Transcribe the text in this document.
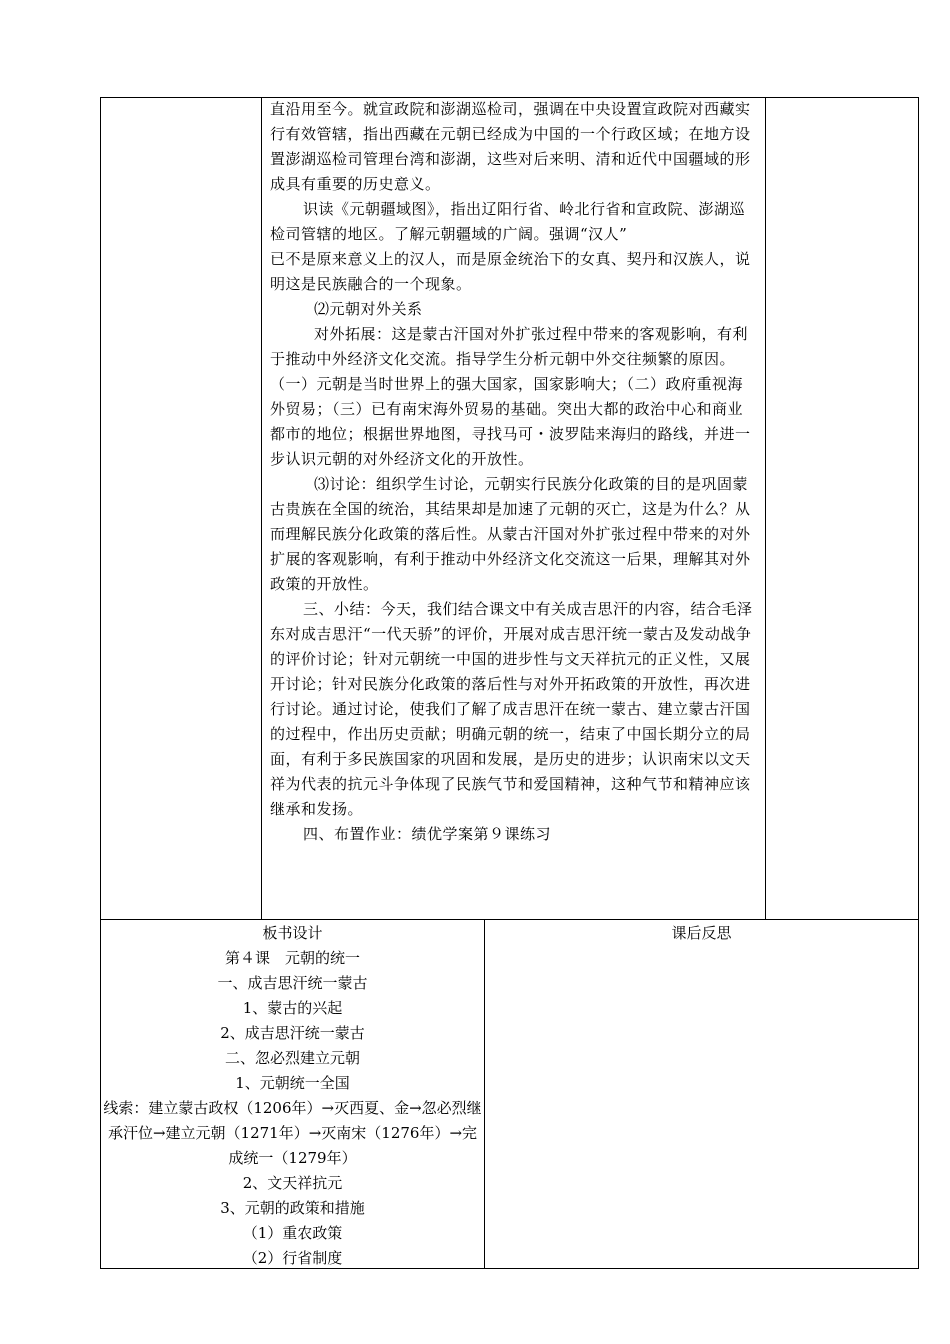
直沿用至今。就宣政院和澎湖巡检司，强调在中央设置宣政院对西藏实行有效管辖，指出西藏在元朝已经成为中国的一个行政区域；在地方设置澎湖巡检司管理台湾和澎湖，这些对后来明、清和近代中国疆域的形成具有重要的历史意义。

识读《元朝疆域图》，指出辽阳行省、岭北行省和宣政院、澎湖巡检司管辖的地区。了解元朝疆域的广阔。强调“汉人”

已不是原来意义上的汉人，而是原金统治下的女真、契丹和汉族人，说明这是民族融合的一个现象。

⑵元朝对外关系

对外拓展：这是蒙古汗国对外扩张过程中带来的客观影响，有利于推动中外经济文化交流。指导学生分析元朝中外交往频繁的原因。（一）元朝是当时世界上的强大国家，国家影响大；（二）政府重视海外贸易；（三）已有南宋海外贸易的基础。突出大都的政治中心和商业都市的地位；根据世界地图，寻找马可・波罗陆来海归的路线，并进一步认识元朝的对外经济文化的开放性。

⑶讨论：组织学生讨论，元朝实行民族分化政策的目的是巩固蒙古贵族在全国的统治，其结果却是加速了元朝的灭亡，这是为什么？从而理解民族分化政策的落后性。从蒙古汗国对外扩张过程中带来的对外扩展的客观影响，有利于推动中外经济文化交流这一后果，理解其对外政策的开放性。

三、小结：今天，我们结合课文中有关成吉思汗的内容，结合毛泽东对成吉思汗“一代天骄”的评价，开展对成吉思汗统一蒙古及发动战争的评价讨论；针对元朝统一中国的进步性与文天祥抗元的正义性，又展开讨论；针对民族分化政策的落后性与对外开拓政策的开放性，再次进行讨论。通过讨论，使我们了解了成吉思汗在统一蒙古、建立蒙古汗国的过程中，作出历史贡献；明确元朝的统一，结束了中国长期分立的局面，有利于多民族国家的巩固和发展，是历史的进步；认识南宋以文天祥为代表的抗元斗争体现了民族气节和爱国精神，这种气节和精神应该继承和发扬。

四、布置作业：绩优学案第９课练习

板书设计
第４课　元朝的统一
一、成吉思汗统一蒙古
1、蒙古的兴起
2、成吉思汗统一蒙古
二、忽必烈建立元朝
1、元朝统一全国
线索：建立蒙古政权（1206年）→灭西夏、金→忽必烈继承汗位→建立元朝（1271年）→灭南宋（1276年）→完成统一（1279年）
2、文天祥抗元
3、元朝的政策和措施
（1）重农政策
（2）行省制度
课后反思
